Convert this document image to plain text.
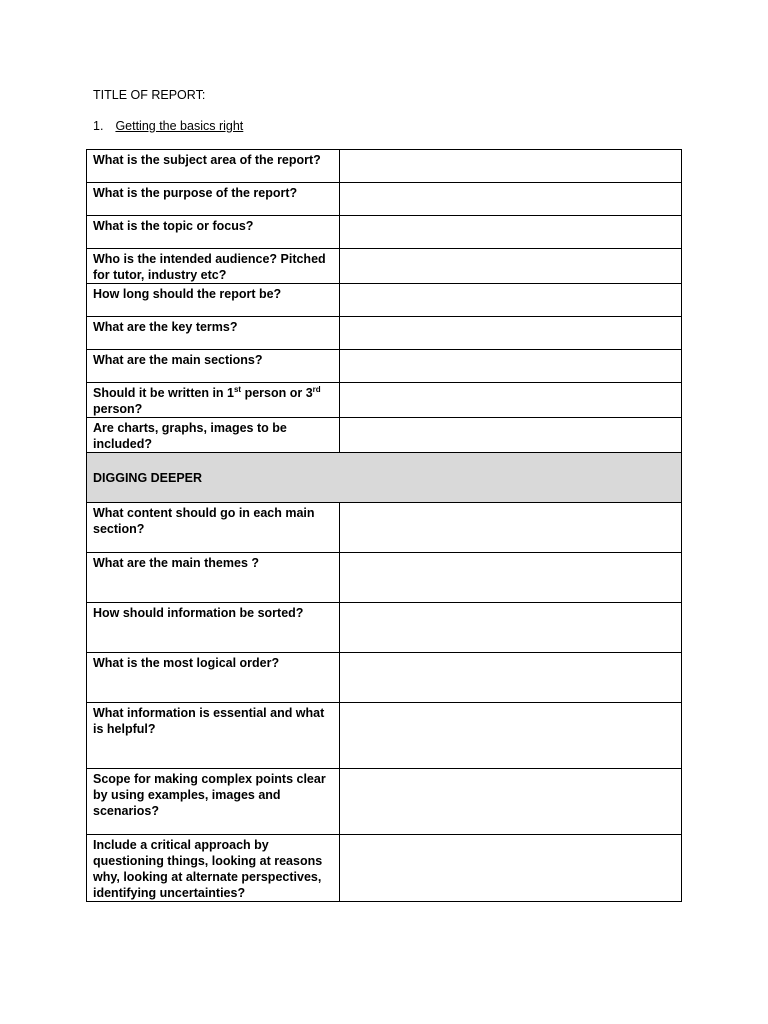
TITLE OF REPORT:

1. Getting the basics right

What is the subject area of the report?	
What is the purpose of the report?	
What is the topic or focus?	
Who is the intended audience? Pitched for tutor, industry etc?	
How long should the report be?	
What are the key terms?	
What are the main sections?	
Should it be written in 1st person or 3rd person?	
Are charts, graphs, images to be included?	
DIGGING DEEPER	
What content should go in each main section?	
What are the main themes ?	
How should information be sorted?	
What is the most logical order?	
What information is essential and what is helpful?	
Scope for making complex points clear by using examples, images and scenarios?	
Include a critical approach by questioning things, looking at reasons why, looking at alternate perspectives, identifying uncertainties?	
